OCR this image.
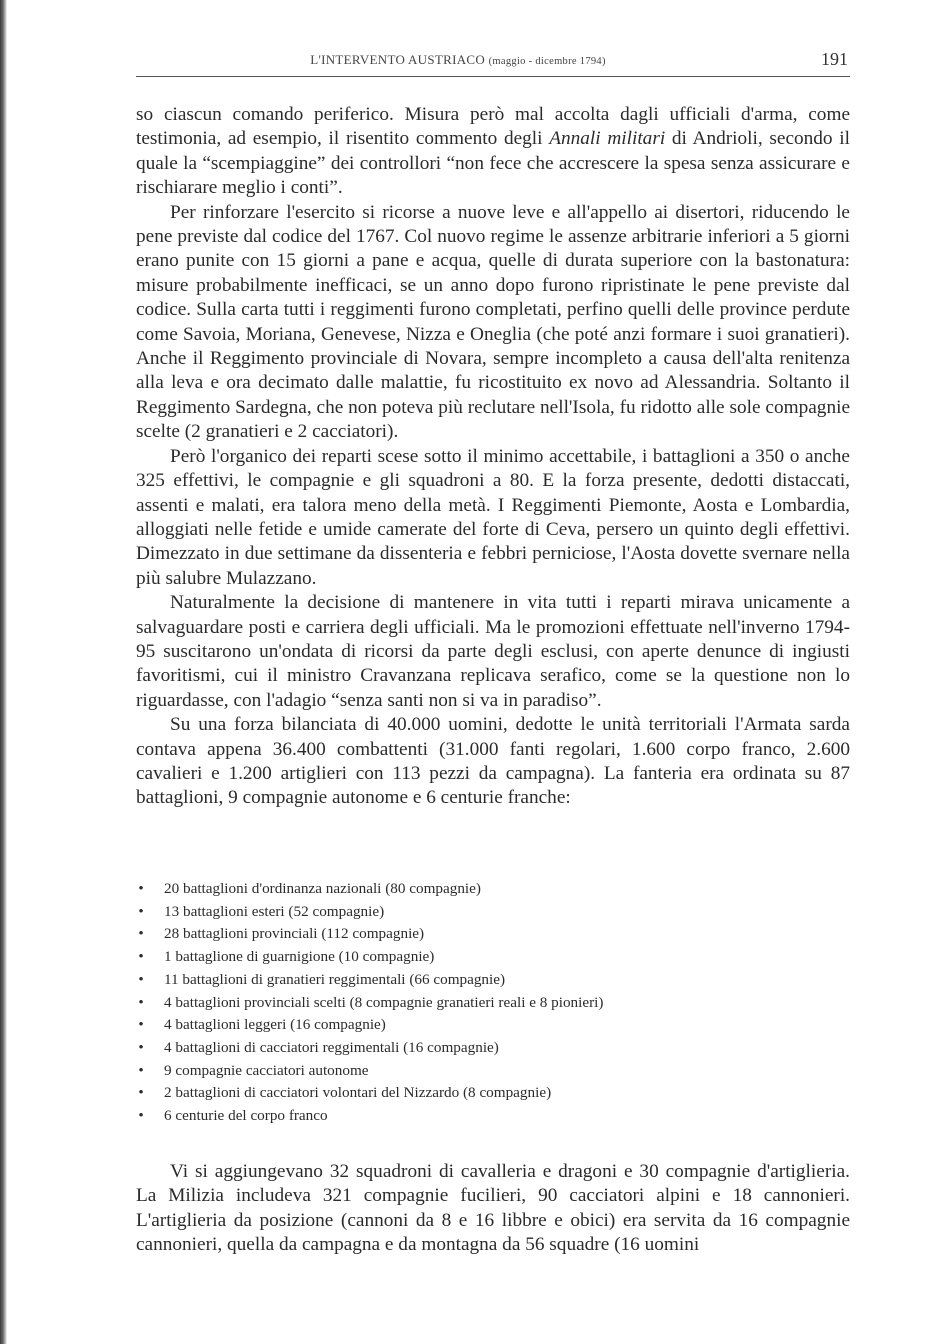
L'INTERVENTO AUSTRIACO (maggio - dicembre 1794)	191

so ciascun comando periferico. Misura però mal accolta dagli ufficiali d'arma, come testimonia, ad esempio, il risentito commento degli Annali militari di Andrioli, secondo il quale la “scempiaggine” dei controllori “non fece che accrescere la spesa senza assicurare e rischiarare meglio i conti”.

Per rinforzare l'esercito si ricorse a nuove leve e all'appello ai disertori, riducendo le pene previste dal codice del 1767. Col nuovo regime le assenze arbitrarie inferiori a 5 giorni erano punite con 15 giorni a pane e acqua, quelle di durata superiore con la bastonatura: misure probabilmente inefficaci, se un anno dopo furono ripristinate le pene previste dal codice. Sulla carta tutti i reggimenti furono completati, perfino quelli delle province perdute come Savoia, Moriana, Genevese, Nizza e Oneglia (che poté anzi formare i suoi granatieri). Anche il Reggimento provinciale di Novara, sempre incompleto a causa dell'alta renitenza alla leva e ora decimato dalle malattie, fu ricostituito ex novo ad Alessandria. Soltanto il Reggimento Sardegna, che non poteva più reclutare nell'Isola, fu ridotto alle sole compagnie scelte (2 granatieri e 2 cacciatori).

Però l'organico dei reparti scese sotto il minimo accettabile, i battaglioni a 350 o anche 325 effettivi, le compagnie e gli squadroni a 80. E la forza presente, dedotti distaccati, assenti e malati, era talora meno della metà. I Reggimenti Piemonte, Aosta e Lombardia, alloggiati nelle fetide e umide camerate del forte di Ceva, persero un quinto degli effettivi. Dimezzato in due settimane da dissenteria e febbri perniciose, l'Aosta dovette svernare nella più salubre Mulazzano.

Naturalmente la decisione di mantenere in vita tutti i reparti mirava unicamente a salvaguardare posti e carriera degli ufficiali. Ma le promozioni effettuate nell'inverno 1794-95 suscitarono un'ondata di ricorsi da parte degli esclusi, con aperte denunce di ingiusti favoritismi, cui il ministro Cravanzana replicava serafico, come se la questione non lo riguardasse, con l'adagio “senza santi non si va in paradiso”.

Su una forza bilanciata di 40.000 uomini, dedotte le unità territoriali l'Armata sarda contava appena 36.400 combattenti (31.000 fanti regolari, 1.600 corpo franco, 2.600 cavalieri e 1.200 artiglieri con 113 pezzi da campagna). La fanteria era ordinata su 87 battaglioni, 9 compagnie autonome e 6 centurie franche:

• 20 battaglioni d'ordinanza nazionali (80 compagnie)
• 13 battaglioni esteri (52 compagnie)
• 28 battaglioni provinciali (112 compagnie)
• 1 battaglione di guarnigione (10 compagnie)
• 11 battaglioni di granatieri reggimentali (66 compagnie)
• 4 battaglioni provinciali scelti (8 compagnie granatieri reali e 8 pionieri)
• 4 battaglioni leggeri (16 compagnie)
• 4 battaglioni di cacciatori reggimentali (16 compagnie)
• 9 compagnie cacciatori autonome
• 2 battaglioni di cacciatori volontari del Nizzardo (8 compagnie)
• 6 centurie del corpo franco

Vi si aggiungevano 32 squadroni di cavalleria e dragoni e 30 compagnie d'artiglieria. La Milizia includeva 321 compagnie fucilieri, 90 cacciatori alpini e 18 cannonieri. L'artiglieria da posizione (cannoni da 8 e 16 libbre e obici) era servita da 16 compagnie cannonieri, quella da campagna e da montagna da 56 squadre (16 uomini
